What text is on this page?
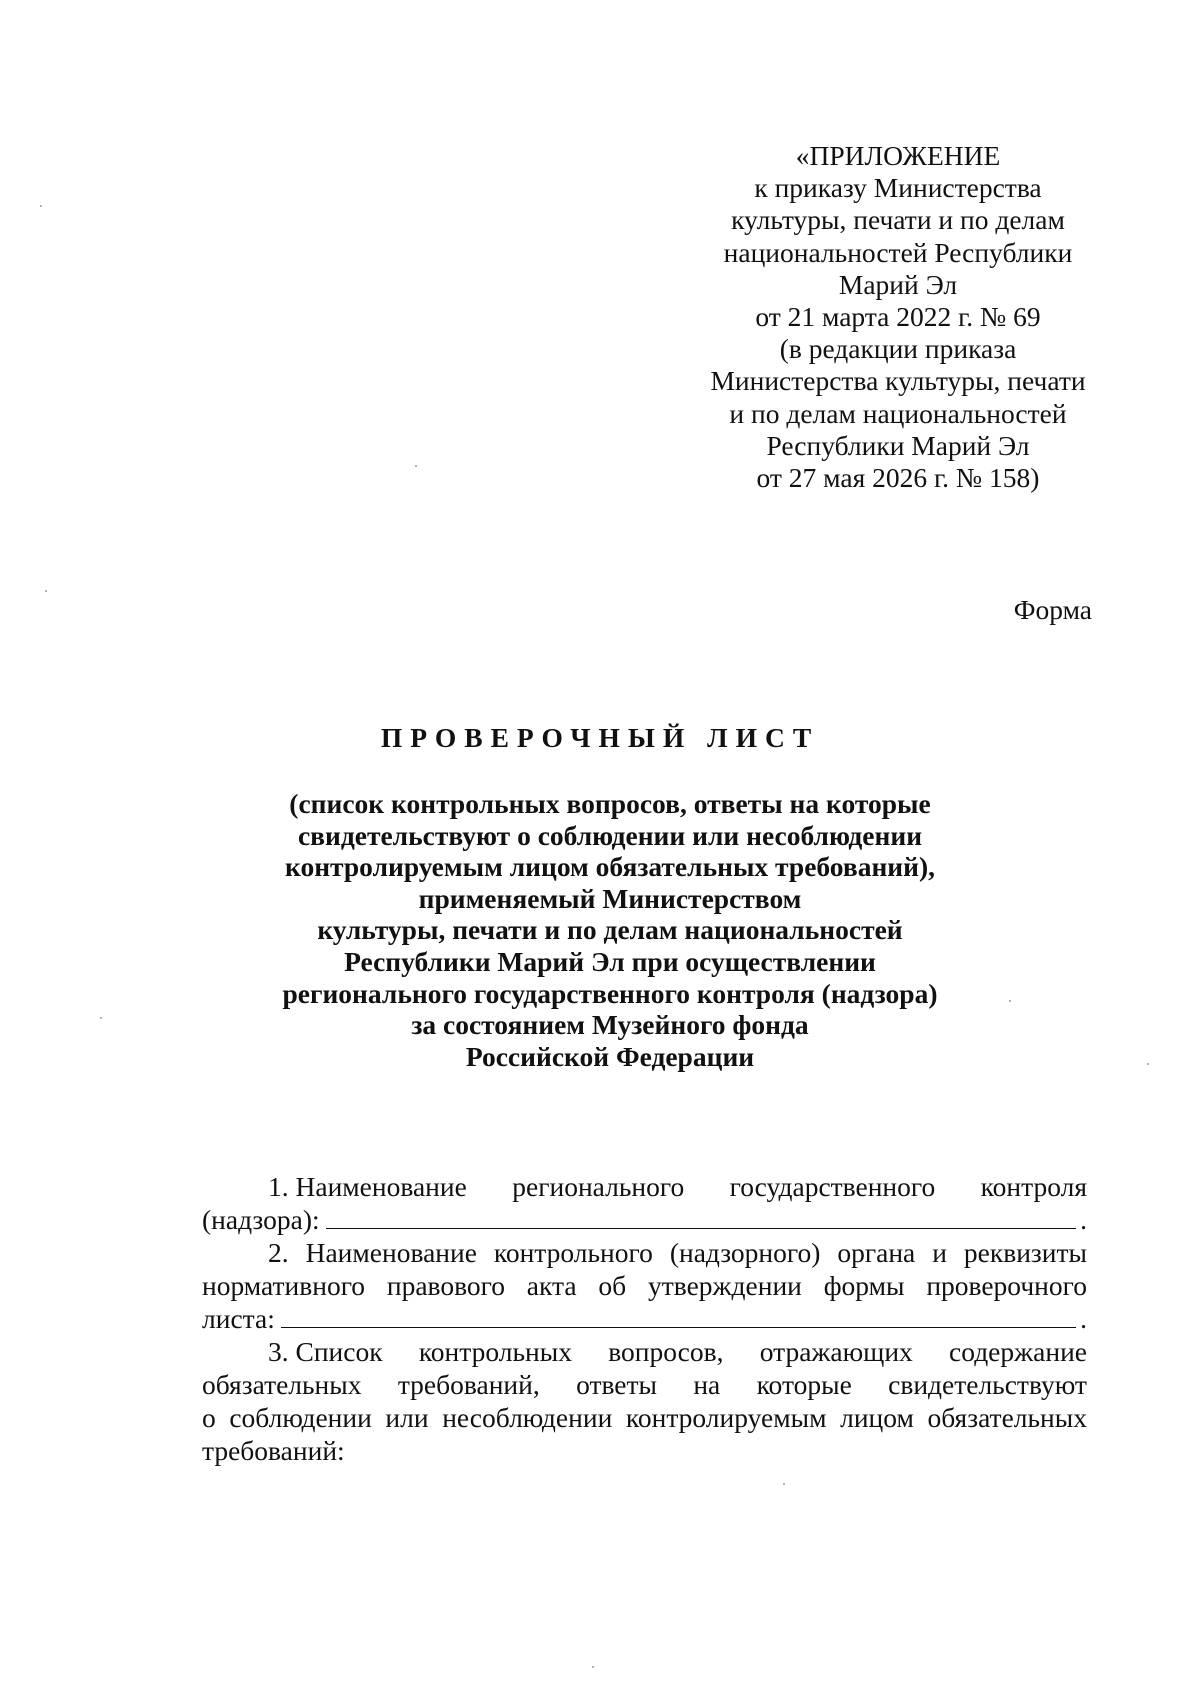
«ПРИЛОЖЕНИЕ
к приказу Министерства
культуры, печати и по делам
национальностей Республики
Марий Эл
от 21 марта 2022 г. № 69
(в редакции приказа
Министерства культуры, печати
и по делам национальностей
Республики Марий Эл
от 27 мая 2026 г. № 158)
Форма
ПРОВЕРОЧНЫЙ ЛИСТ
(список контрольных вопросов, ответы на которые
свидетельствуют о соблюдении или несоблюдении
контролируемым лицом обязательных требований),
применяемый Министерством
культуры, печати и по делам национальностей
Республики Марий Эл при осуществлении
регионального государственного контроля (надзора)
за состоянием Музейного фонда
Российской Федерации
1. Наименование регионального государственного контроля
(надзора):	.
2. Наименование контрольного (надзорного) органа и реквизиты
нормативного правового акта об утверждении формы проверочного
листа:	.
3. Список контрольных вопросов, отражающих содержание
обязательных требований, ответы на которые свидетельствуют
о соблюдении или несоблюдении контролируемым лицом обязательных
требований:
